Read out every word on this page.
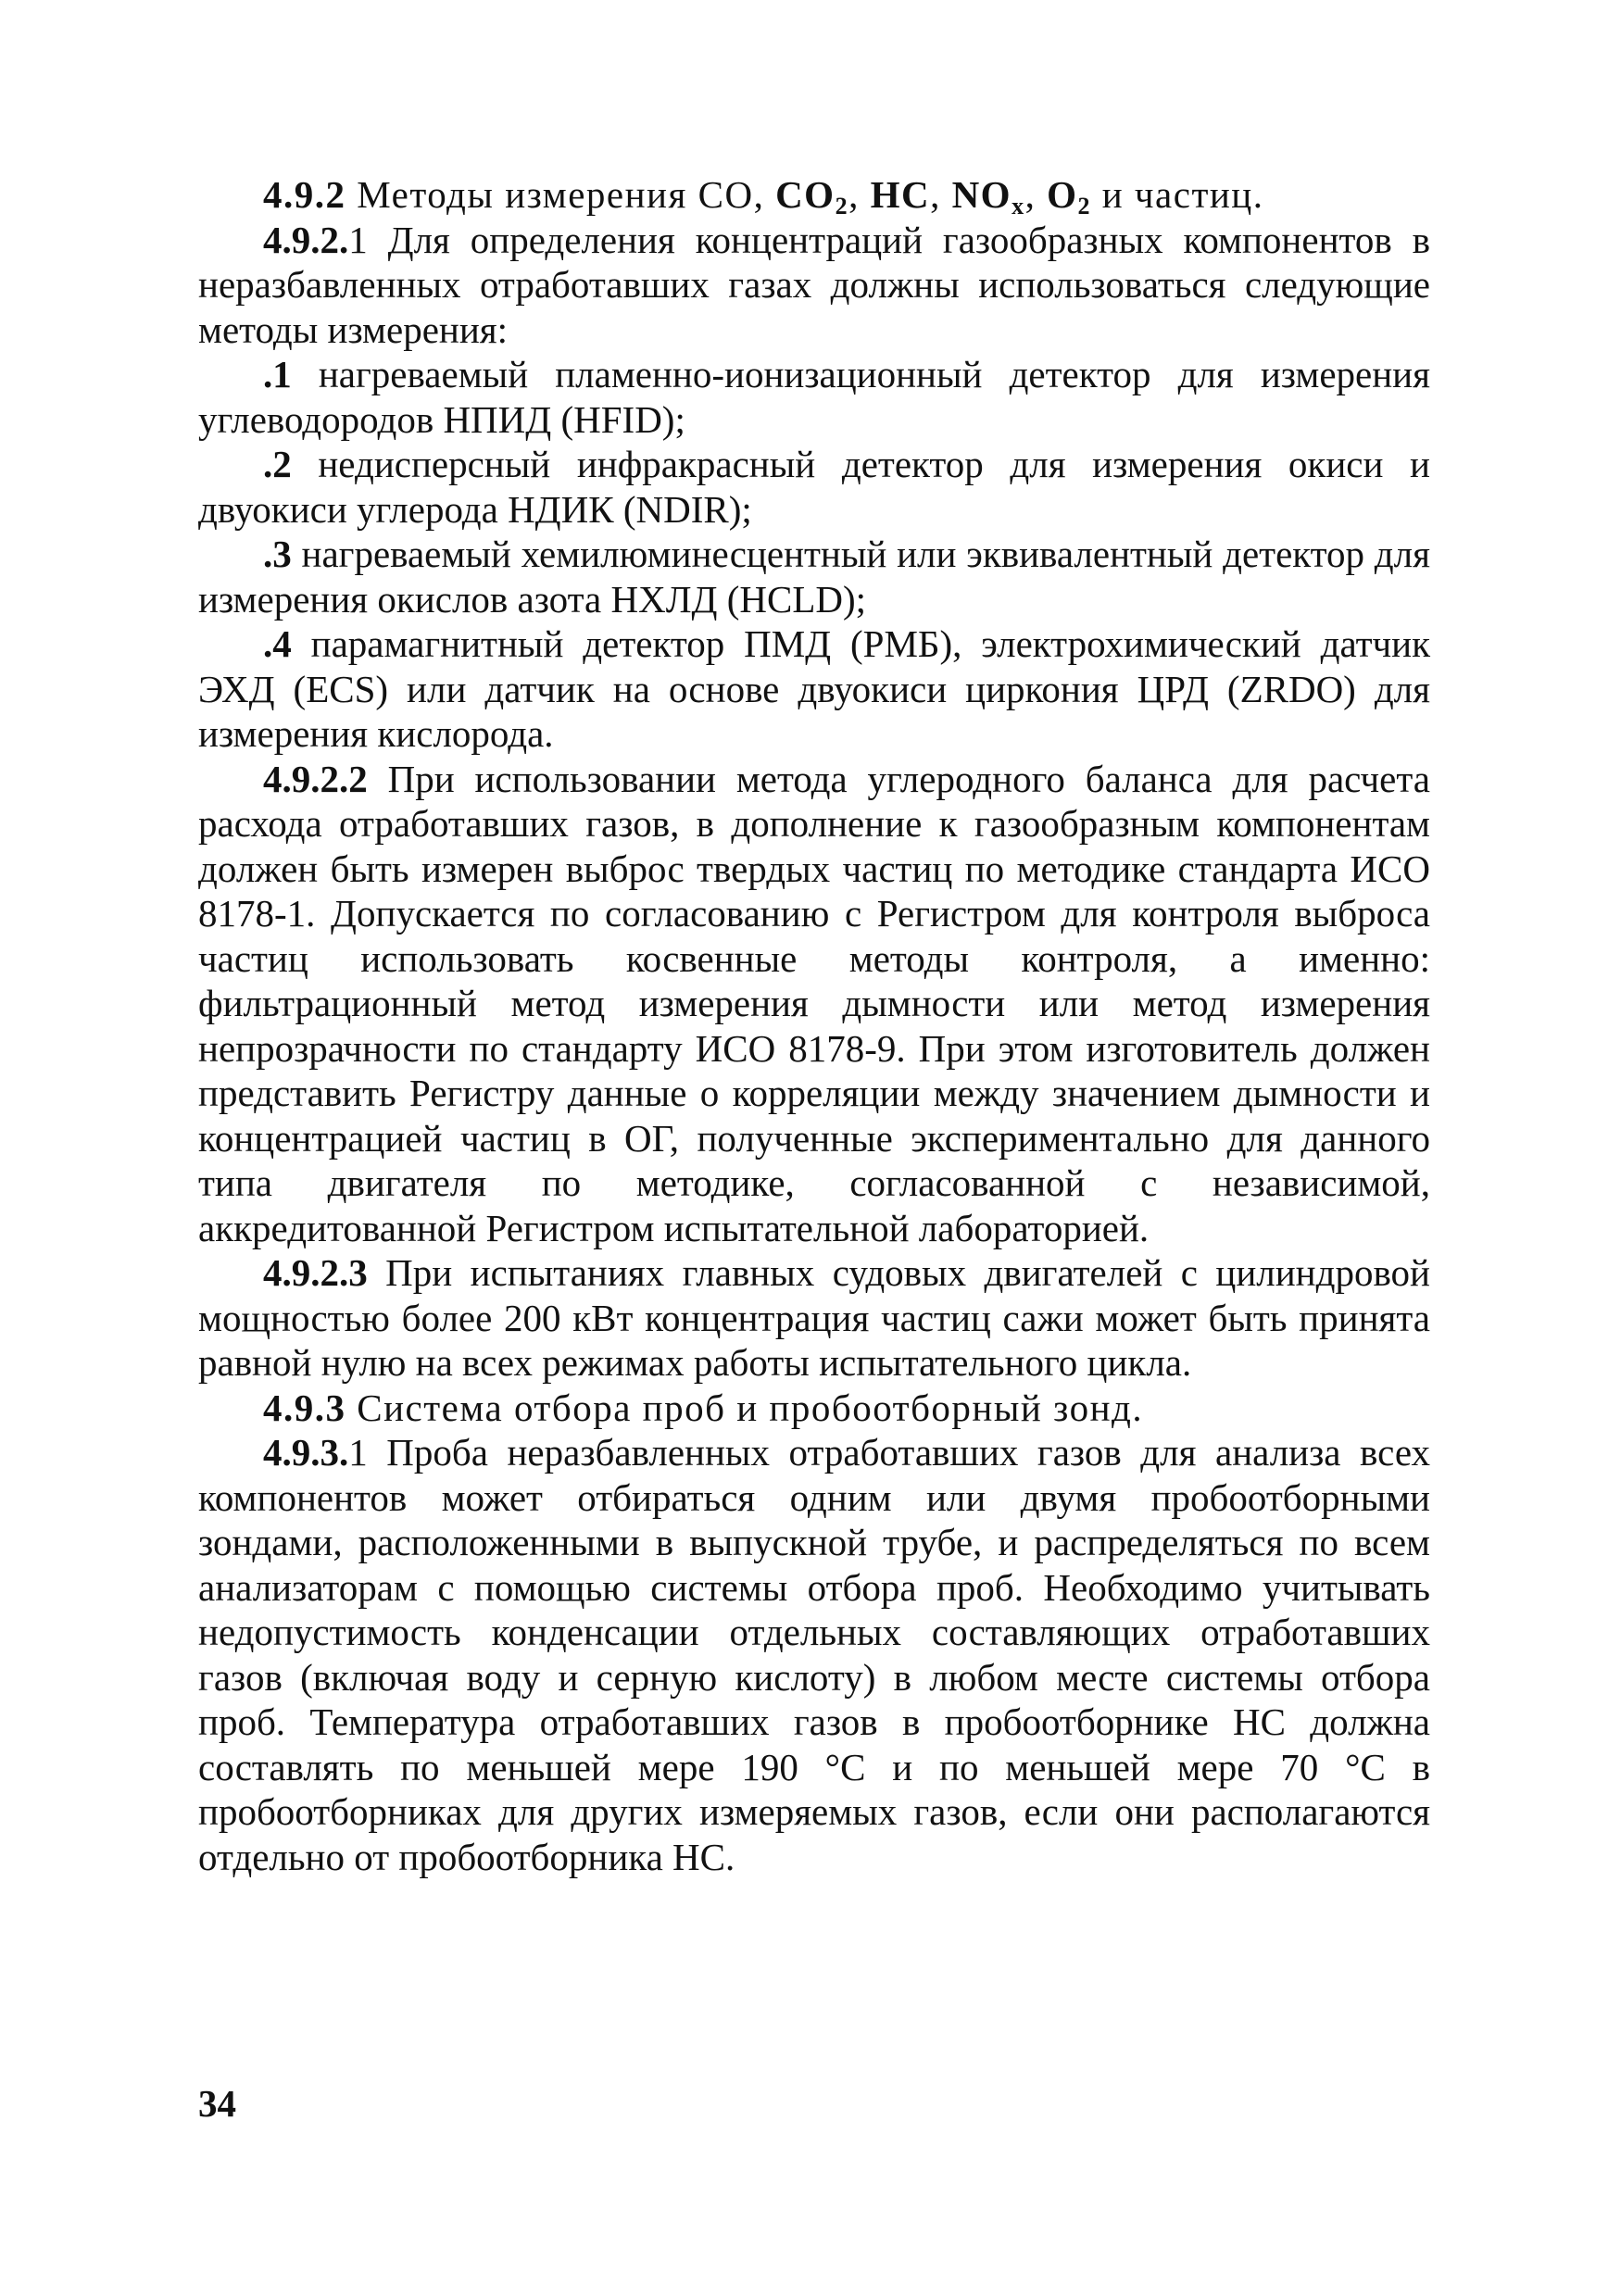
4.9.2 Методы измерения CO, $CO_2$, HC, $NO_x$, $O_2$ и частиц.

4.9.2.1 Для определения концентраций газообразных компонентов в неразбавленных отработавших газах должны использоваться следующие методы измерения:

.1 нагреваемый пламенно-ионизационный детектор для измерения углеводородов НПИД (HFID);

.2 недисперсный инфракрасный детектор для измерения окиси и двуокиси углерода НДИК (NDIR);

.3 нагреваемый хемилюминесцентный или эквивалентный детектор для измерения окислов азота НХЛД (HCLD);

.4 парамагнитный детектор ПМД (PMБ), электрохимический датчик ЭХД (ECS) или датчик на основе двуокиси циркония ЦРД (ZRDO) для измерения кислорода.

4.9.2.2 При использовании метода углеродного баланса для расчета расхода отработавших газов, в дополнение к газообразным компонентам должен быть измерен выброс твердых частиц по методике стандарта ИСО 8178-1. Допускается по согласованию с Регистром для контроля выброса частиц использовать косвенные методы контроля, а именно: фильтрационный метод измерения дымности или метод измерения непрозрачности по стандарту ИСО 8178-9. При этом изготовитель должен представить Регистру данные о корреляции между значением дымности и концентрацией частиц в ОГ, полученные экспериментально для данного типа двигателя по методике, согласованной с независимой, аккредитованной Регистром испытательной лабораторией.

4.9.2.3 При испытаниях главных судовых двигателей с цилиндровой мощностью более 200 кВт концентрация частиц сажи может быть принята равной нулю на всех режимах работы испытательного цикла.

4.9.3 Система отбора проб и пробоотборный зонд.

4.9.3.1 Проба неразбавленных отработавших газов для анализа всех компонентов может отбираться одним или двумя пробоотборными зондами, расположенными в выпускной трубе, и распределяться по всем анализаторам с помощью системы отбора проб. Необходимо учитывать недопустимость конденсации отдельных составляющих отработавших газов (включая воду и серную кислоту) в любом месте системы отбора проб. Температура отработавших газов в пробоотборнике HC должна составлять по меньшей мере 190 °С и по меньшей мере 70 °С в пробоотборниках для других измеряемых газов, если они располагаются отдельно от пробоотборника HC.

34
